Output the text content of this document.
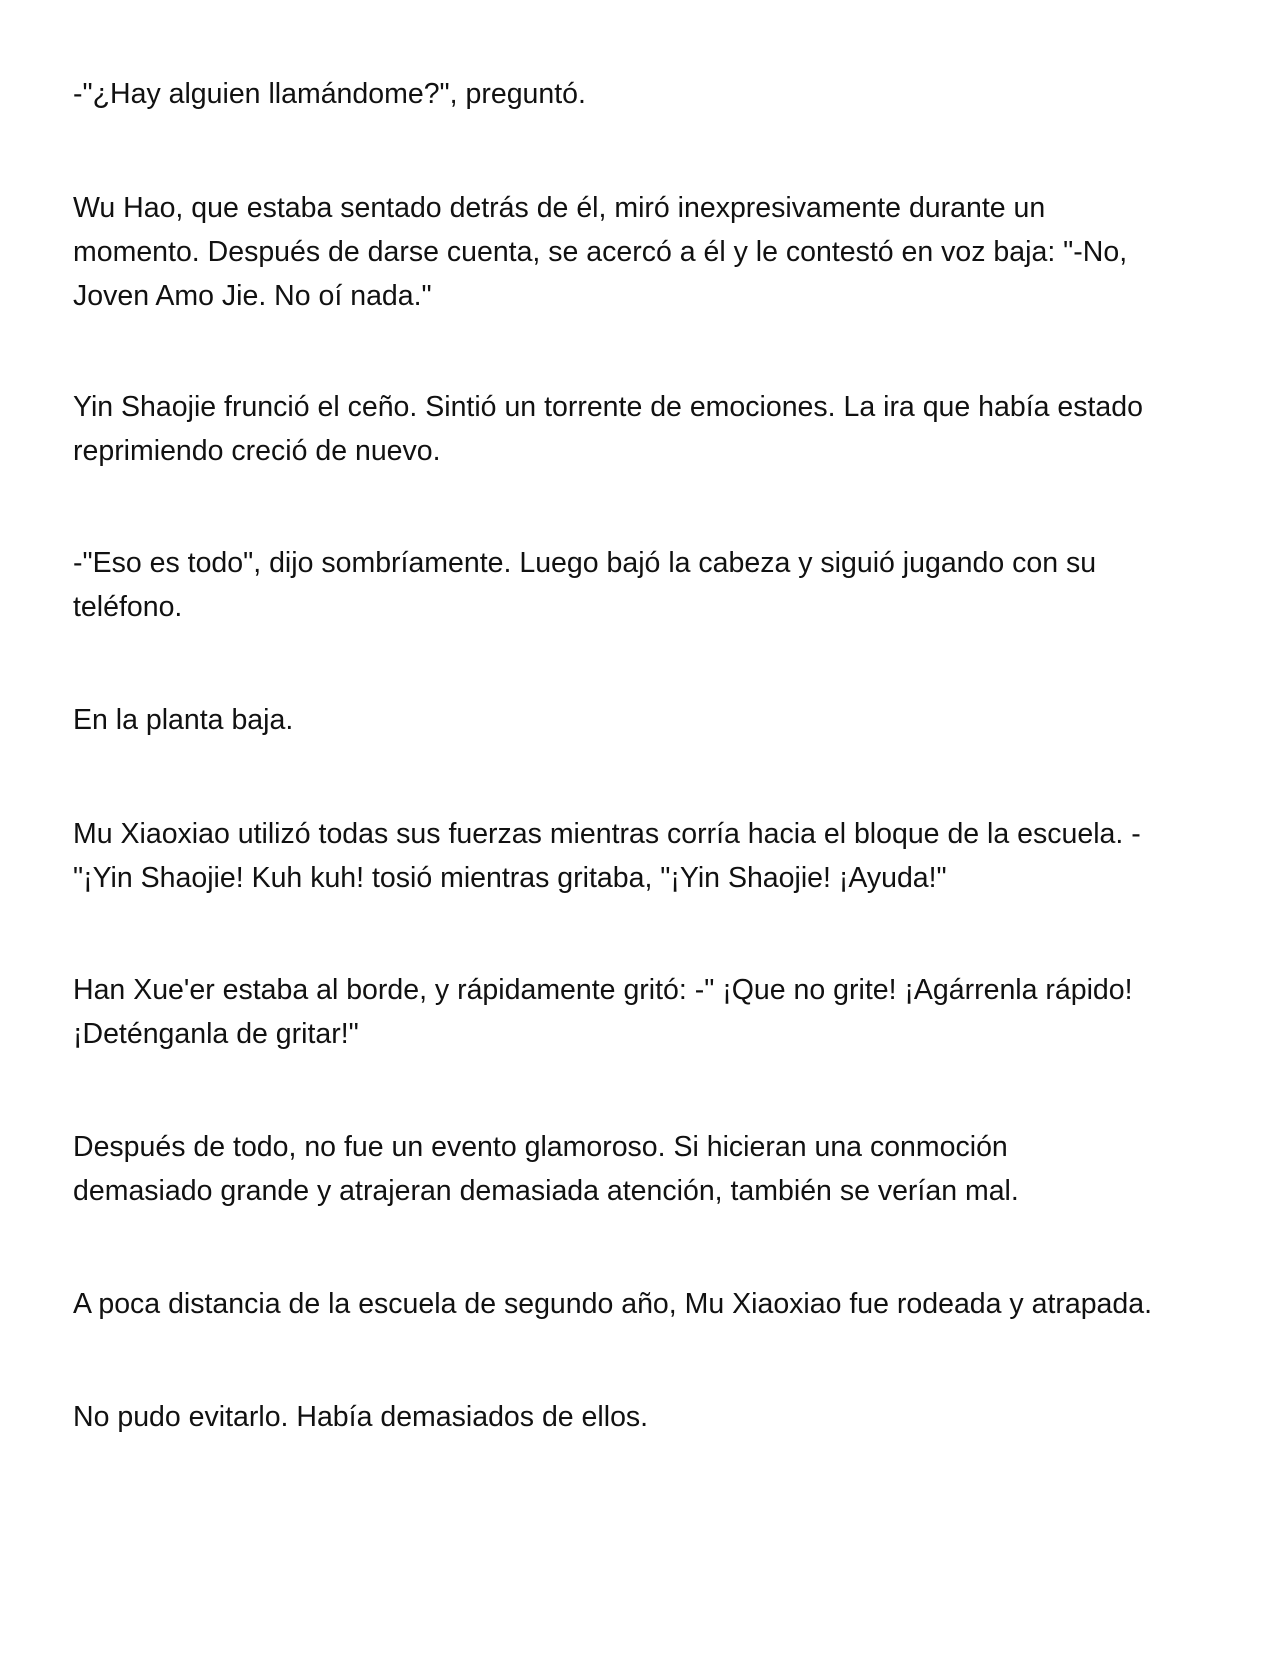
-"¿Hay alguien llamándome?", preguntó.

Wu Hao, que estaba sentado detrás de él, miró inexpresivamente durante un
momento. Después de darse cuenta, se acercó a él y le contestó en voz baja: "-No,
Joven Amo Jie. No oí nada."

Yin Shaojie frunció el ceño. Sintió un torrente de emociones. La ira que había estado
reprimiendo creció de nuevo.

-"Eso es todo", dijo sombríamente. Luego bajó la cabeza y siguió jugando con su
teléfono.

En la planta baja.

Mu Xiaoxiao utilizó todas sus fuerzas mientras corría hacia el bloque de la escuela. -
"¡Yin Shaojie! Kuh kuh! tosió mientras gritaba, "¡Yin Shaojie! ¡Ayuda!"

Han Xue'er estaba al borde, y rápidamente gritó: -" ¡Que no grite! ¡Agárrenla rápido!
¡Deténganla de gritar!"

Después de todo, no fue un evento glamoroso. Si hicieran una conmoción
demasiado grande y atrajeran demasiada atención, también se verían mal.

A poca distancia de la escuela de segundo año, Mu Xiaoxiao fue rodeada y atrapada.

No pudo evitarlo. Había demasiados de ellos.
